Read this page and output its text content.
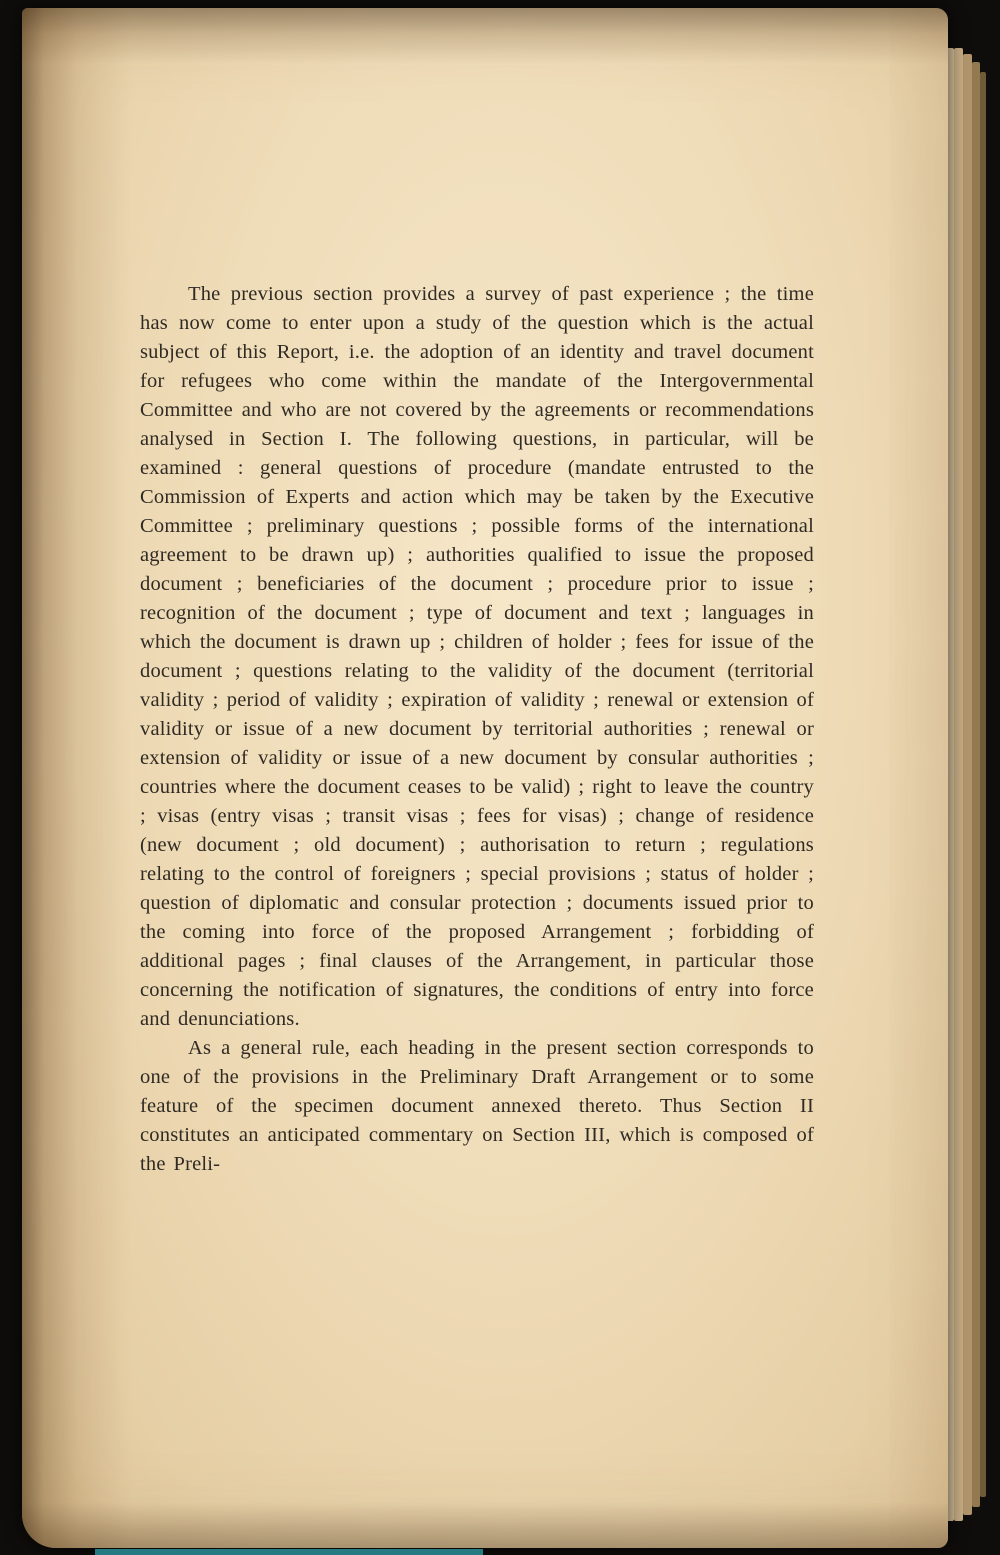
The previous section provides a survey of past experience ; the time has now come to enter upon a study of the question which is the actual subject of this Report, i.e. the adoption of an identity and travel document for refugees who come within the mandate of the Intergovernmental Committee and who are not covered by the agreements or recommendations analysed in Section I. The following questions, in particular, will be examined : general questions of procedure (mandate entrusted to the Commission of Experts and action which may be taken by the Executive Committee ; preliminary questions ; possible forms of the international agreement to be drawn up) ; authorities qualified to issue the proposed document ; beneficiaries of the document ; procedure prior to issue ; recognition of the document ; type of document and text ; languages in which the document is drawn up ; children of holder ; fees for issue of the document ; questions relating to the validity of the document (territorial validity ; period of validity ; expiration of validity ; renewal or extension of validity or issue of a new document by territorial authorities ; renewal or extension of validity or issue of a new document by consular authorities ; countries where the document ceases to be valid) ; right to leave the country ; visas (entry visas ; transit visas ; fees for visas) ; change of residence (new document ; old document) ; authorisation to return ; regulations relating to the control of foreigners ; special provisions ; status of holder ; question of diplomatic and consular protection ; documents issued prior to the coming into force of the proposed Arrangement ; forbidding of additional pages ; final clauses of the Arrangement, in particular those concerning the notification of signatures, the conditions of entry into force and denunciations.

As a general rule, each heading in the present section corresponds to one of the provisions in the Preliminary Draft Arrangement or to some feature of the specimen document annexed thereto. Thus Section II constitutes an anticipated commentary on Section III, which is composed of the Preli-
